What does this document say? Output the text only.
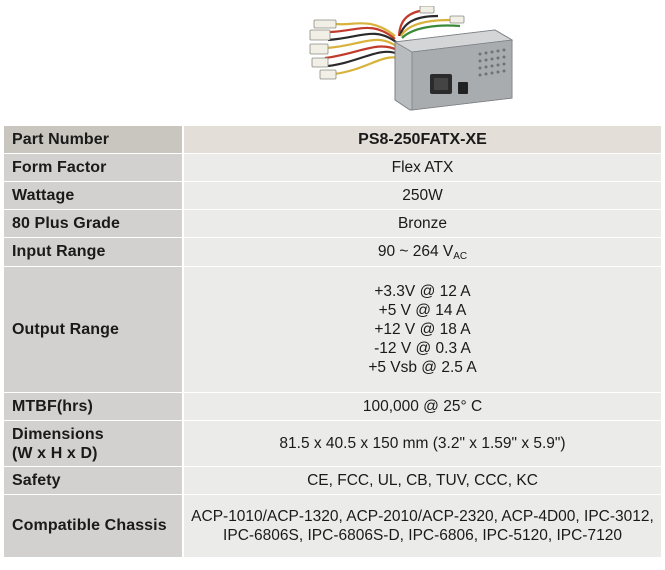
Part Number	PS8-250FATX-XE
Form Factor	Flex ATX
Wattage	250W
80 Plus Grade	Bronze
Input Range	90 ~ 264 $V_{AC}$
Output Range	+3.3V @ 12 A
+5 V @ 14 A
+12 V @ 18 A
-12 V @ 0.3 A
+5 Vsb @ 2.5 A

MTBF(hrs)	100,000 @ 25° C

Dimensions
(W x H x D)	81.5 x 40.5 x 150 mm (3.2" x 1.59" x 5.9")
Safety	CE, FCC, UL, CB, TUV, CCC, KC
Compatible Chassis	ACP-1010/ACP-1320, ACP-2010/ACP-2320, ACP-4D00, IPC-3012,
IPC-6806S, IPC-6806S-D, IPC-6806, IPC-5120, IPC-7120
